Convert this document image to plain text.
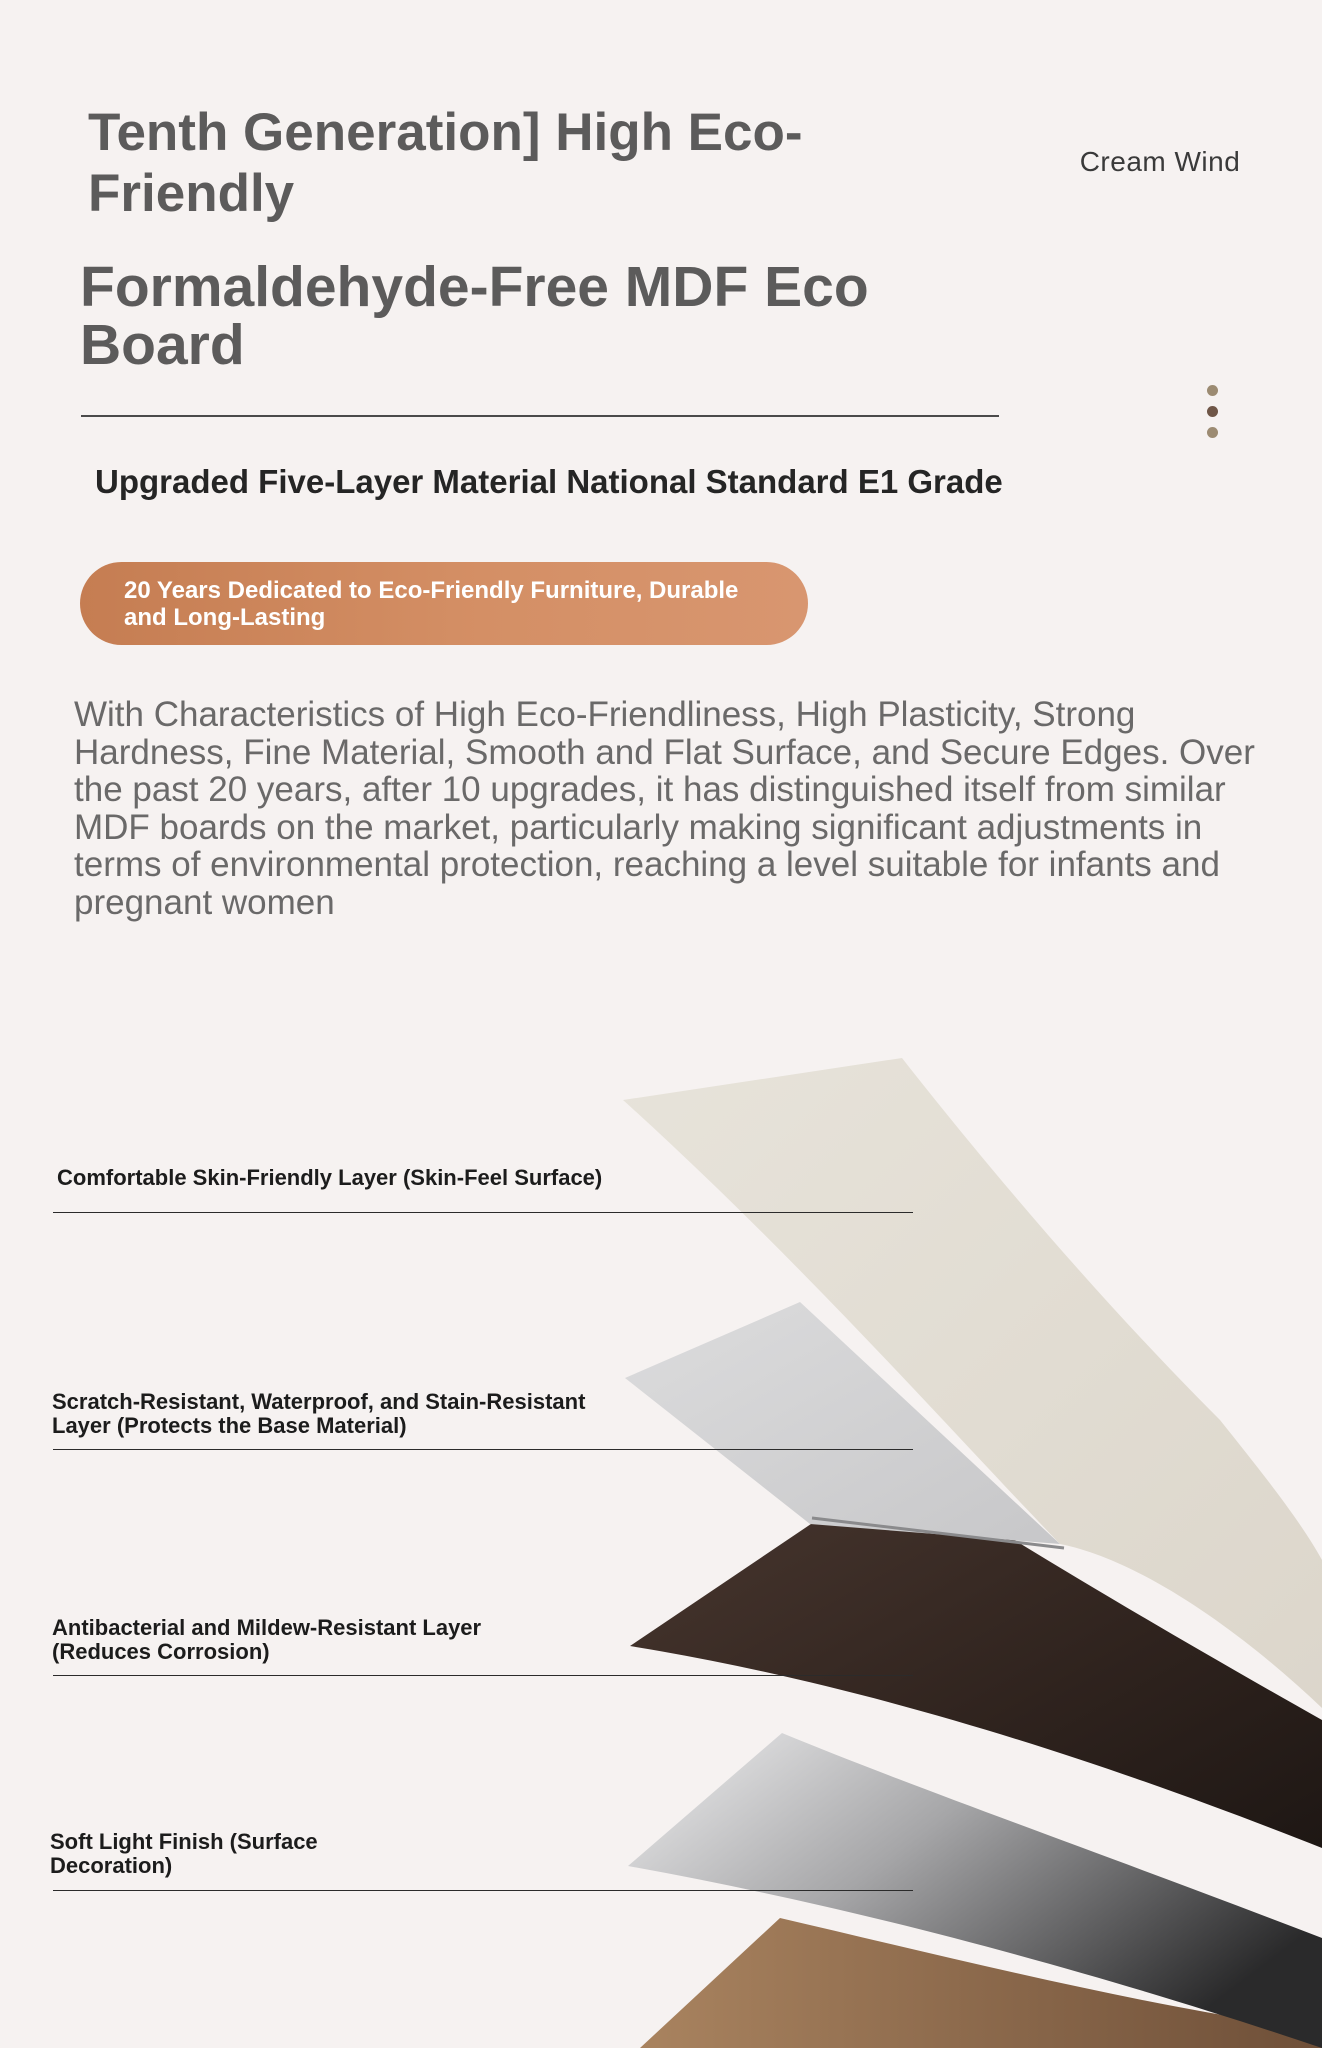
Tenth Generation] High Eco-Friendly
Formaldehyde-Free MDF Eco Board
Cream Wind
Upgraded Five-Layer Material National Standard E1 Grade
20 Years Dedicated to Eco-Friendly Furniture, Durable and Long-Lasting
With Characteristics of High Eco-Friendliness, High Plasticity, Strong Hardness, Fine Material, Smooth and Flat Surface, and Secure Edges. Over the past 20 years, after 10 upgrades, it has distinguished itself from similar MDF boards on the market, particularly making significant adjustments in terms of environmental protection, reaching a level suitable for infants and pregnant women
Comfortable Skin-Friendly Layer (Skin-Feel Surface)
Scratch-Resistant, Waterproof, and Stain-Resistant Layer (Protects the Base Material)
Antibacterial and Mildew-Resistant Layer (Reduces Corrosion)
Soft Light Finish (Surface Decoration)
